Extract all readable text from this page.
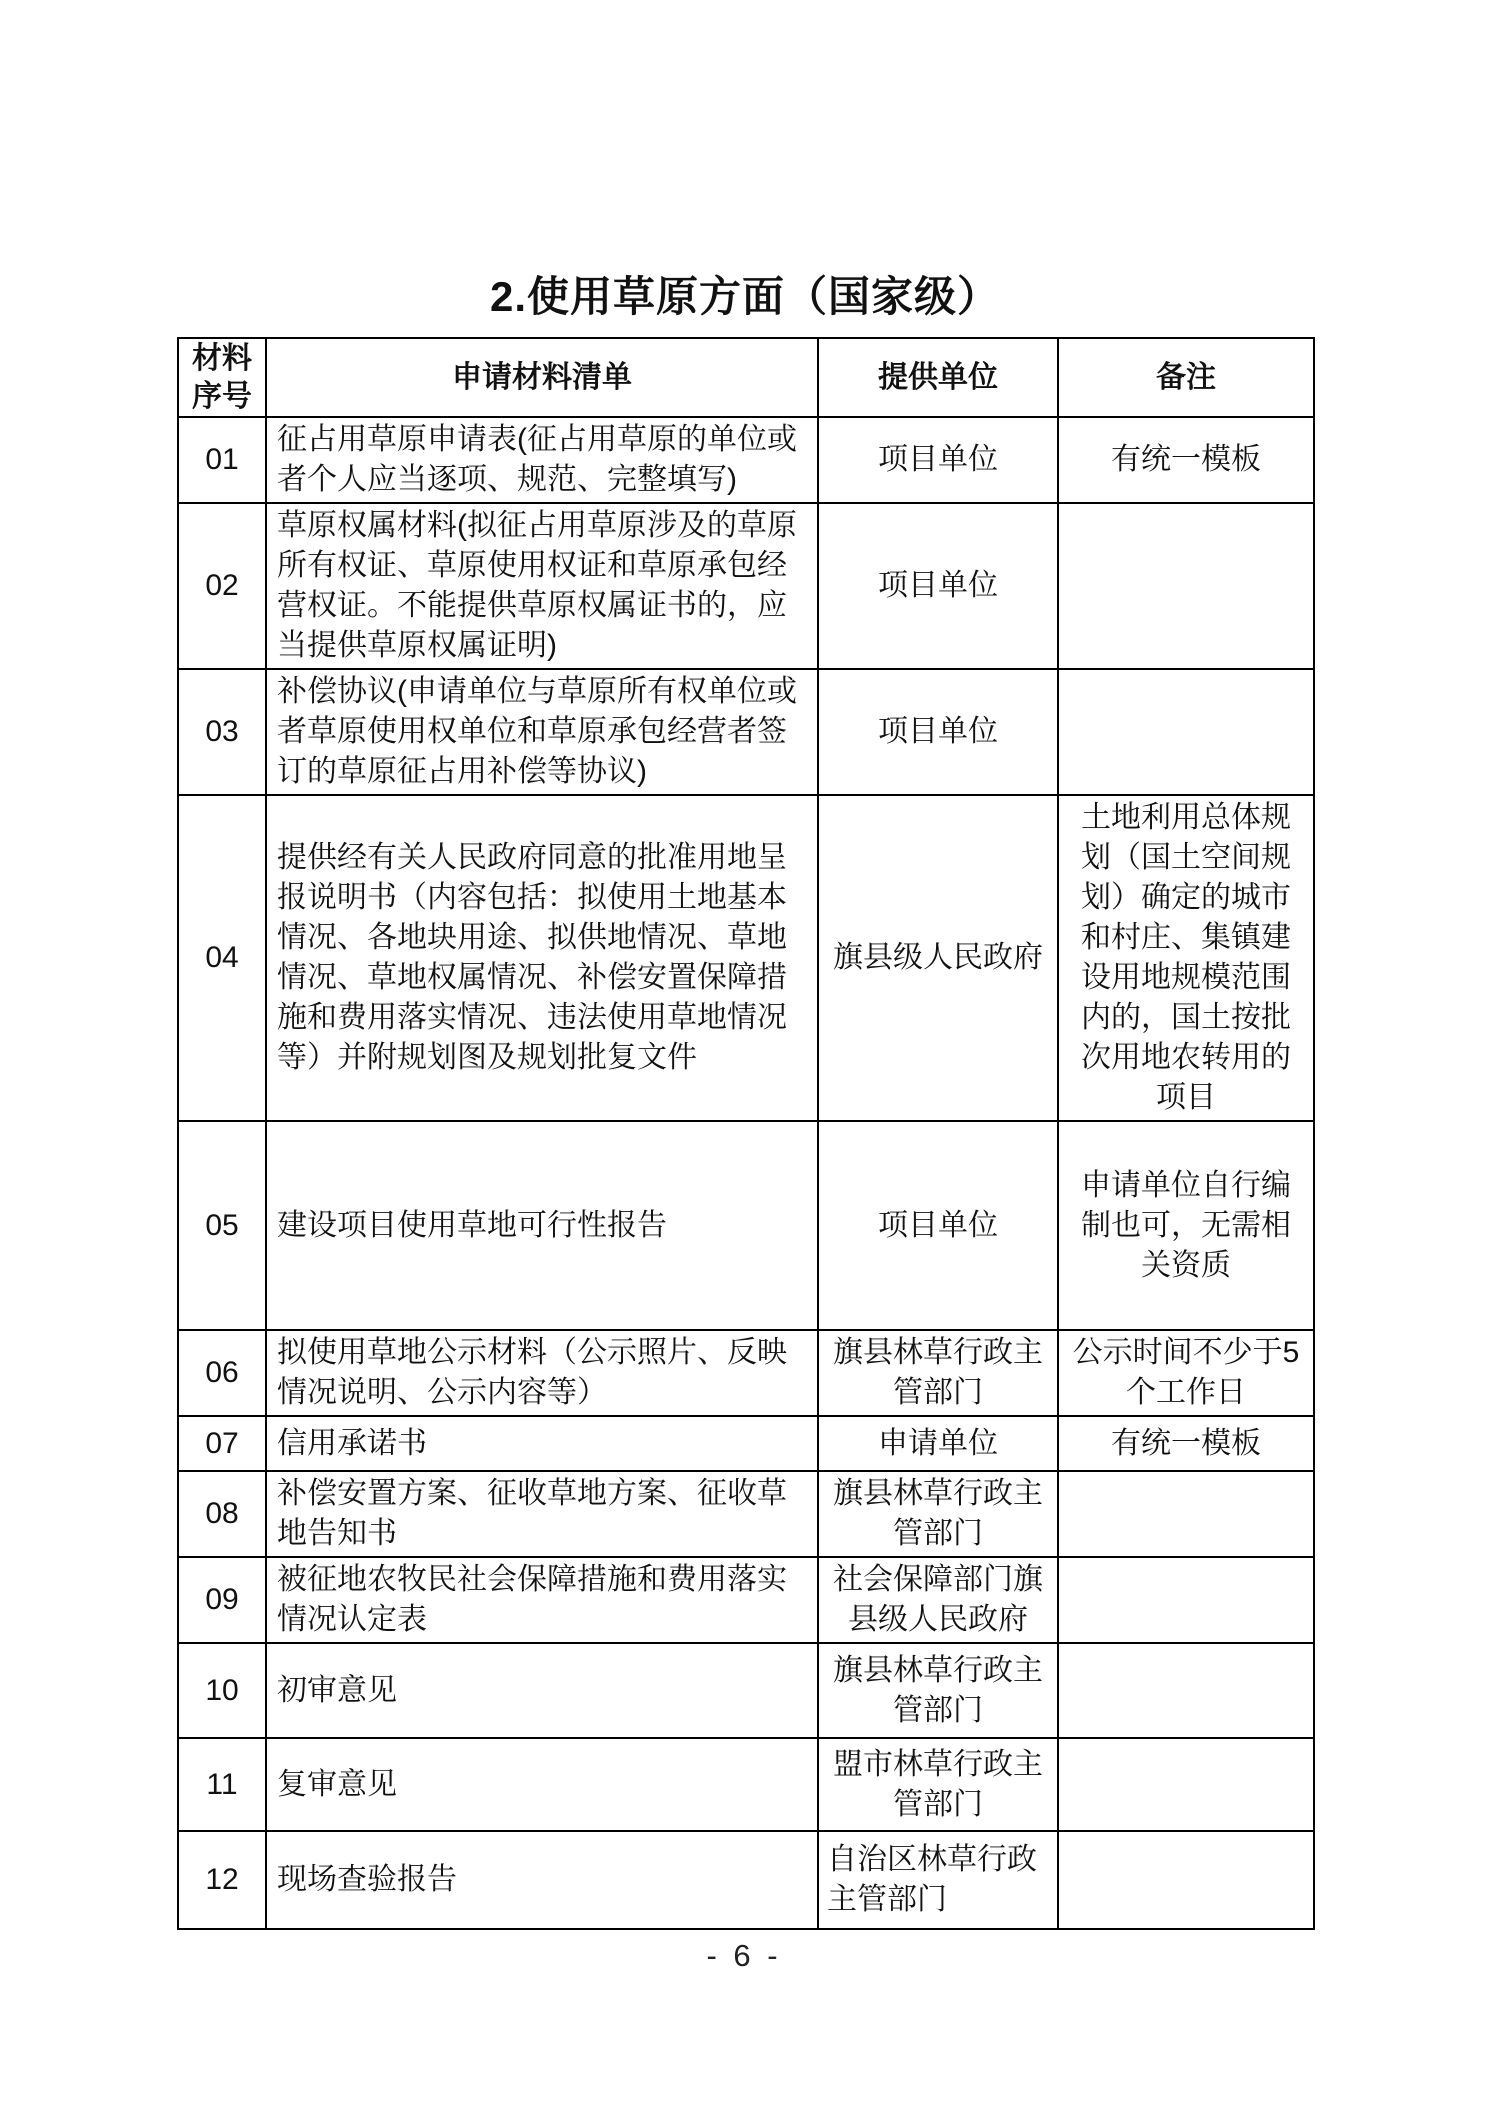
2.使用草原方面（国家级）
材料序号	申请材料清单	提供单位	备注
01	征占用草原申请表(征占用草原的单位或者个人应当逐项、规范、完整填写)	项目单位	有统一模板
02	草原权属材料(拟征占用草原涉及的草原所有权证、草原使用权证和草原承包经营权证。不能提供草原权属证书的，应当提供草原权属证明)	项目单位	
03	补偿协议(申请单位与草原所有权单位或者草原使用权单位和草原承包经营者签订的草原征占用补偿等协议)	项目单位	
04	提供经有关人民政府同意的批准用地呈报说明书（内容包括：拟使用土地基本情况、各地块用途、拟供地情况、草地情况、草地权属情况、补偿安置保障措施和费用落实情况、违法使用草地情况等）并附规划图及规划批复文件	旗县级人民政府	土地利用总体规划（国土空间规划）确定的城市和村庄、集镇建设用地规模范围内的，国土按批次用地农转用的项目
05	建设项目使用草地可行性报告	项目单位	申请单位自行编制也可，无需相关资质
06	拟使用草地公示材料（公示照片、反映情况说明、公示内容等）	旗县林草行政主管部门	公示时间不少于5个工作日
07	信用承诺书	申请单位	有统一模板
08	补偿安置方案、征收草地方案、征收草地告知书	旗县林草行政主管部门	
09	被征地农牧民社会保障措施和费用落实情况认定表	社会保障部门旗县级人民政府	
10	初审意见	旗县林草行政主管部门	
11	复审意见	盟市林草行政主管部门	
12	现场查验报告	自治区林草行政主管部门	
- 6 -
